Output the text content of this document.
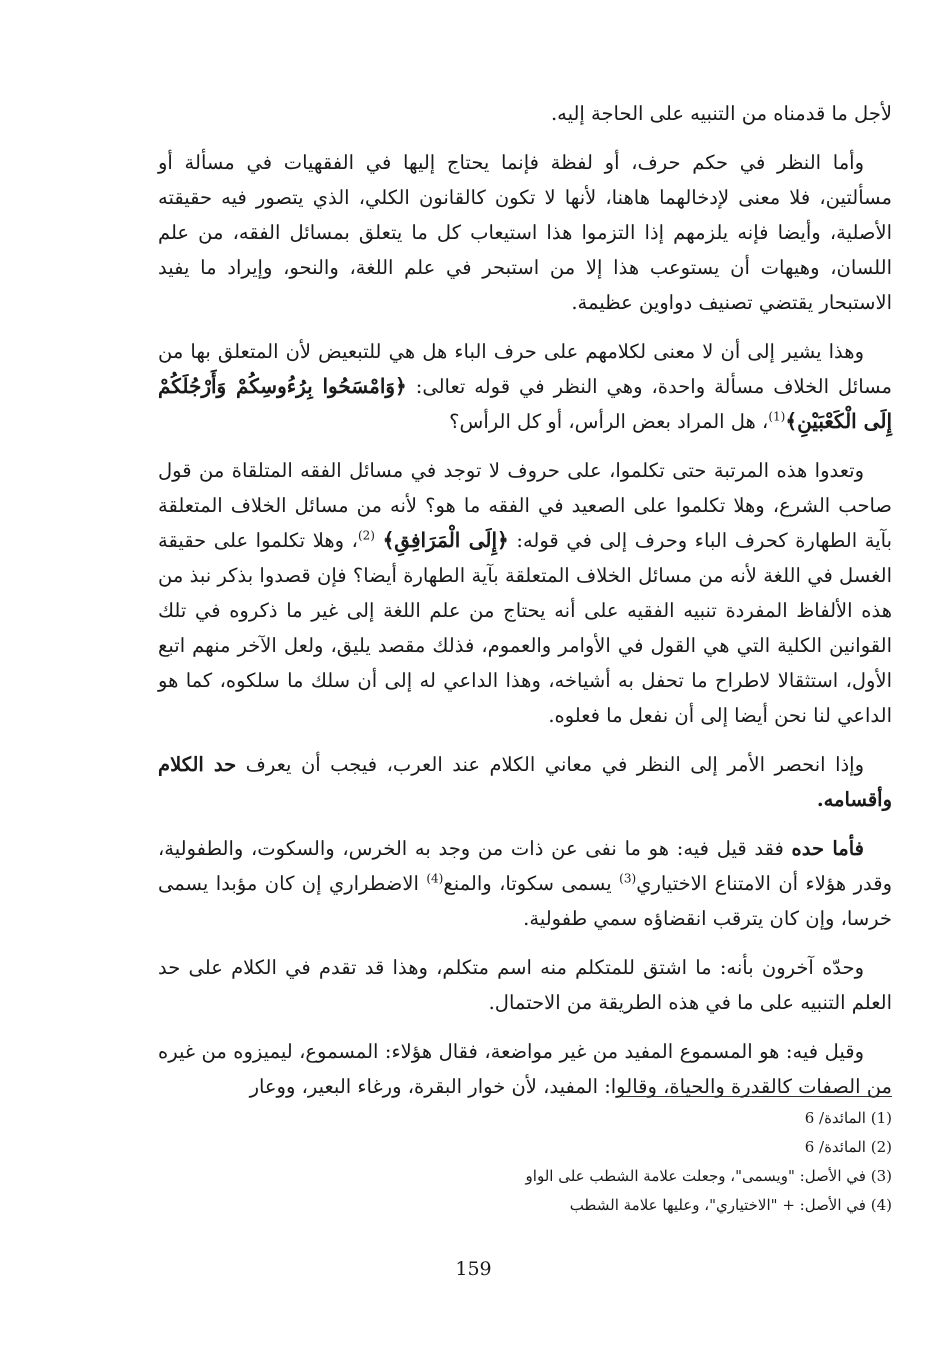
لأجل ما قدمناه من التنبيه على الحاجة إليه.

وأما النظر في حكم حرف، أو لفظة فإنما يحتاج إليها في الفقهيات في مسألة أو مسألتين، فلا معنى لإدخالهما هاهنا، لأنها لا تكون كالقانون الكلي، الذي يتصور فيه حقيقته الأصلية، وأيضا فإنه يلزمهم إذا التزموا هذا استيعاب كل ما يتعلق بمسائل الفقه، من علم اللسان، وهيهات أن يستوعب هذا إلا من استبحر في علم اللغة، والنحو، وإيراد ما يفيد الاستبحار يقتضي تصنيف دواوين عظيمة.

وهذا يشير إلى أن لا معنى لكلامهم على حرف الباء هل هي للتبعيض لأن المتعلق بها من مسائل الخلاف مسألة واحدة، وهي النظر في قوله تعالى: ﴿وَامْسَحُوا بِرُءُوسِكُمْ وَأَرْجُلَكُمْ إِلَى الْكَعْبَيْنِ﴾$^{(1)}$، هل المراد بعض الرأس، أو كل الرأس؟

وتعدوا هذه المرتبة حتى تكلموا، على حروف لا توجد في مسائل الفقه المتلقاة من قول صاحب الشرع، وهلا تكلموا على الصعيد في الفقه ما هو؟ لأنه من مسائل الخلاف المتعلقة بآية الطهارة كحرف الباء وحرف إلى في قوله: ﴿إِلَى الْمَرَافِقِ﴾ $^{(2)}$، وهلا تكلموا على حقيقة الغسل في اللغة لأنه من مسائل الخلاف المتعلقة بآية الطهارة أيضا؟ فإن قصدوا بذكر نبذ من هذه الألفاظ المفردة تنبيه الفقيه على أنه يحتاج من علم اللغة إلى غير ما ذكروه في تلك القوانين الكلية التي هي القول في الأوامر والعموم، فذلك مقصد يليق، ولعل الآخر منهم اتبع الأول، استثقالا لاطراح ما تحفل به أشياخه، وهذا الداعي له إلى أن سلك ما سلكوه، كما هو الداعي لنا نحن أيضا إلى أن نفعل ما فعلوه.

وإذا انحصر الأمر إلى النظر في معاني الكلام عند العرب، فيجب أن يعرف حد الكلام وأقسامه.

فأما حده فقد قيل فيه: هو ما نفى عن ذات من وجد به الخرس، والسكوت، والطفولية، وقدر هؤلاء أن الامتناع الاختياري$^{(3)}$ يسمى سكوتا، والمنع$^{(4)}$ الاضطراري إن كان مؤبدا يسمى خرسا، وإن كان يترقب انقضاؤه سمي طفولية.

وحدّه آخرون بأنه: ما اشتق للمتكلم منه اسم متكلم، وهذا قد تقدم في الكلام على حد العلم التنبيه على ما في هذه الطريقة من الاحتمال.

وقيل فيه: هو المسموع المفيد من غير مواضعة، فقال هؤلاء: المسموع، ليميزوه من غيره من الصفات كالقدرة والحياة، وقالوا: المفيد، لأن خوار البقرة، ورغاء البعير، ووعار

(1) المائدة/ 6

(2) المائدة/ 6

(3) في الأصل: "ويسمى"، وجعلت علامة الشطب على الواو

(4) في الأصل: + "الاختياري"، وعليها علامة الشطب

159
